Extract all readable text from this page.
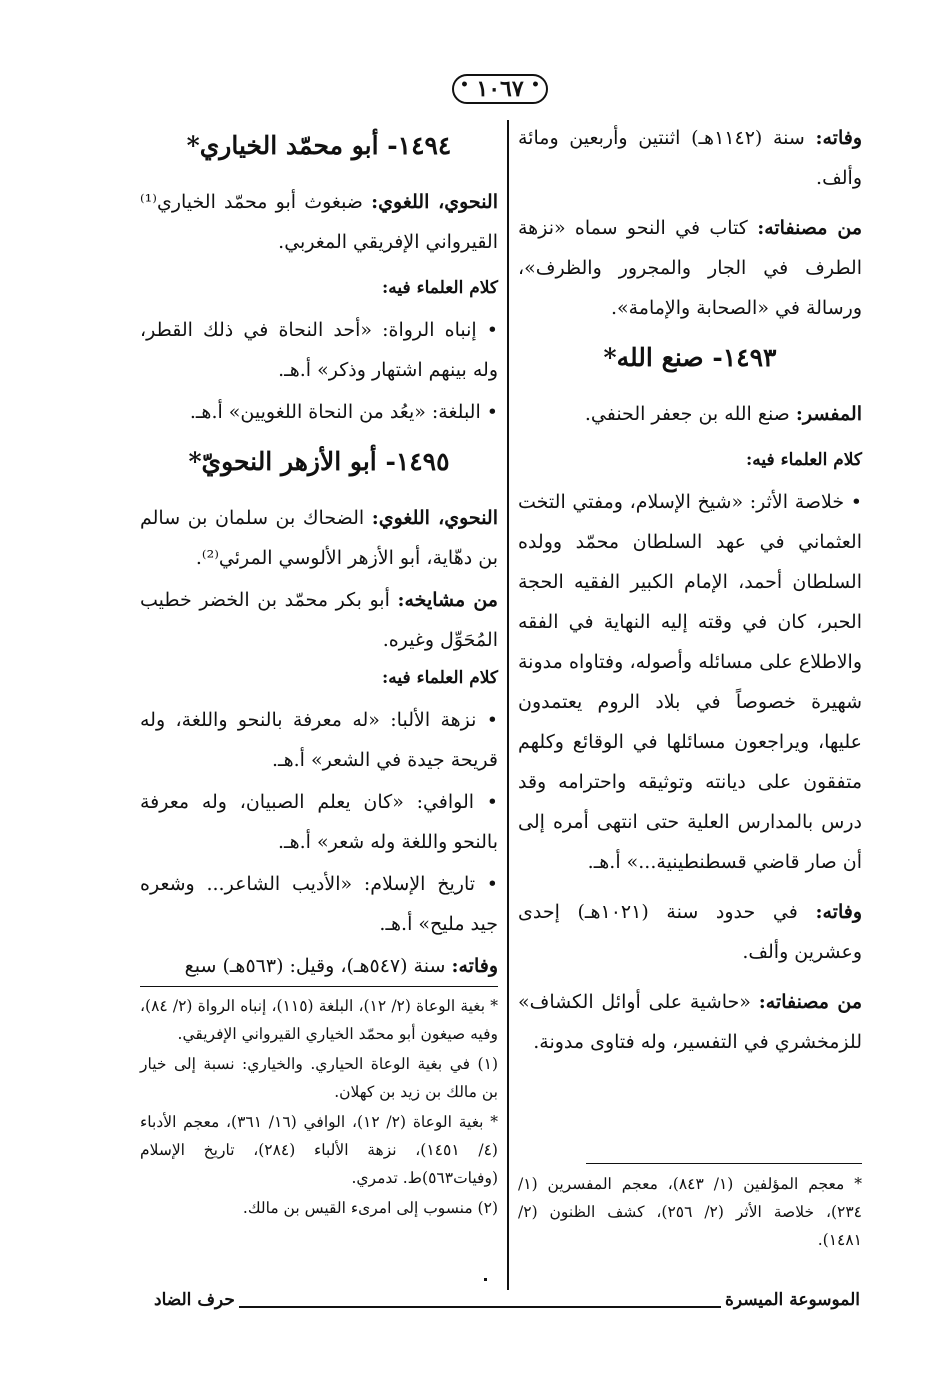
• ١٠٦٧ •

وفاته: سنة (١١٤٢هـ) اثنتين وأربعين ومائة وألف.

من مصنفاته: كتاب في النحو سماه «نزهة الطرف في الجار والمجرور والظرف»، ورسالة في «الصحابة والإمامة».

١٤٩٣- صنع الله*

المفسر: صنع الله بن جعفر الحنفي.

كلام العلماء فيه:

• خلاصة الأثر: «شيخ الإسلام، ومفتي التخت العثماني في عهد السلطان محمّد وولده السلطان أحمد، الإمام الكبير الفقيه الحجة الحبر، كان في وقته إليه النهاية في الفقه والاطلاع على مسائله وأصوله، وفتاواه مدونة شهيرة خصوصاً في بلاد الروم يعتمدون عليها، ويراجعون مسائلها في الوقائع وكلهم متفقون على ديانته وتوثيقه واحترامه وقد درس بالمدارس العلية حتى انتهى أمره إلى أن صار قاضي قسطنطينية...» أ.هـ.

وفاته: في حدود سنة (١٠٢١هـ) إحدى وعشرين وألف.

من مصنفاته: «حاشية على أوائل الكشاف» للزمخشري في التفسير، وله فتاوى مدونة.

* معجم المؤلفين (١/ ٨٤٣)، معجم المفسرين (١/ ٢٣٤)، خلاصة الأثر (٢/ ٢٥٦)، كشف الظنون (٢/ ١٤٨١).

١٤٩٤- أبو محمّد الخياري*

النحوي، اللغوي: ضبغوث أبو محمّد الخياري⁽¹⁾ القيرواني الإفريقي المغربي.

كلام العلماء فيه:

• إنباه الرواة: «أحد النحاة في ذلك القطر، وله بينهم اشتهار وذكر» أ.هـ.

• البلغة: «يعُد من النحاة اللغويين» أ.هـ.

١٤٩٥- أبو الأزهر النحويّ*

النحوي، اللغوي: الضحاك بن سلمان بن سالم بن دهّاية، أبو الأزهر الألوسي المرئي⁽²⁾.

من مشايخه: أبو بكر محمّد بن الخضر خطيب المُحَوِّل وغيره.

كلام العلماء فيه:

• نزهة الألبا: «له معرفة بالنحو واللغة، وله قريحة جيدة في الشعر» أ.هـ.

• الوافي: «كان يعلم الصبيان، وله معرفة بالنحو واللغة وله شعر» أ.هـ.

• تاريخ الإسلام: «الأديب الشاعر... وشعره جيد مليح» أ.هـ.

وفاته: سنة (٥٤٧هـ)، وقيل: (٥٦٣هـ) سبع

* بغية الوعاة (٢/ ١٢)، البلغة (١١٥)، إنباه الرواة (٢/ ٨٤)، وفيه صيغون أبو محمّد الخياري القيرواني الإفريقي.

(١) في بغية الوعاة الحياري. والخياري: نسبة إلى خيار بن مالك بن زيد بن كهلان.

* بغية الوعاة (٢/ ١٢)، الوافي (١٦/ ٣٦١)، معجم الأدباء (٤/ ١٤٥١)، نزهة الألباء (٢٨٤)، تاريخ الإسلام (وفيات٥٦٣)ط. تدمري.

(٢) منسوب إلى امرىء القيس بن مالك.

الموسوعة الميسرة
حرف الضاد
